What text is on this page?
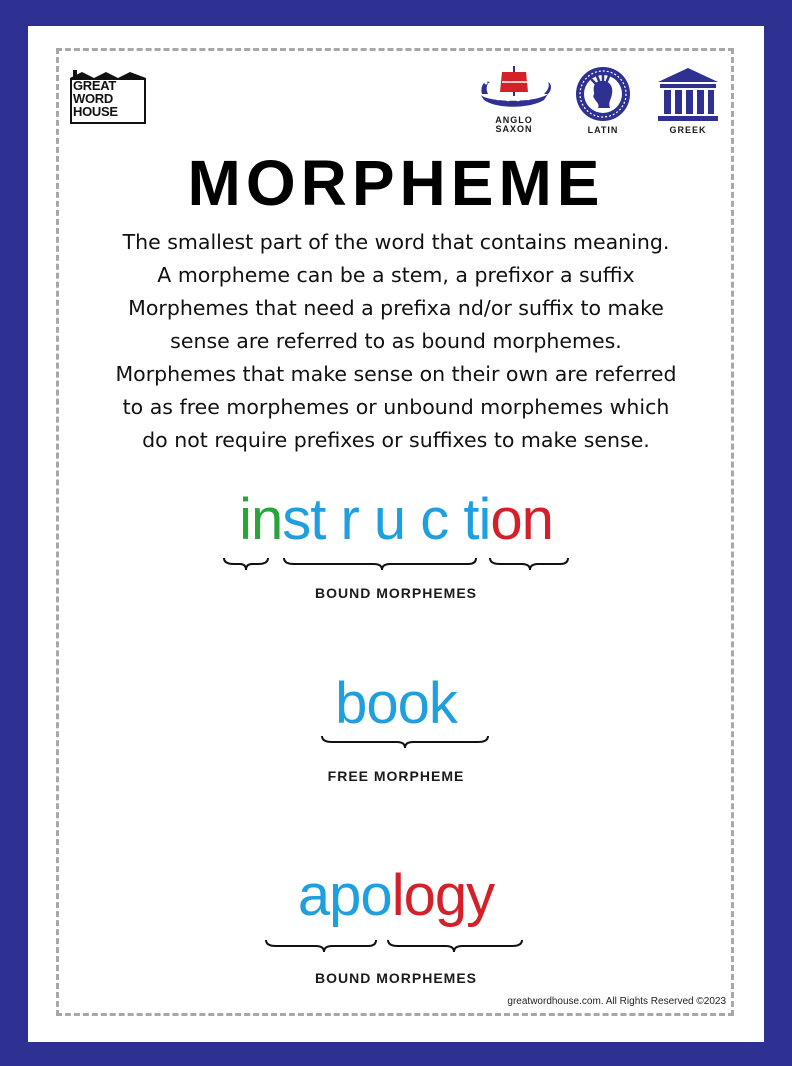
GREAT
WORD
HOUSE
ANGLO
SAXON	LATIN	GREEK
MORPHEME
The smallest part of the word that contains meaning.
A morpheme can be a stem, a prefixor a suffix
Morphemes that need a prefixa nd/or suffix to make
sense are referred to as bound morphemes.
Morphemes that make sense on their own are referred
to as free morphemes or unbound morphemes which
do not require prefixes or suffixes to make sense.
inst r u c tion
BOUND MORPHEMES
book
FREE MORPHEME
apology
BOUND MORPHEMES
greatwordhouse.com. All Rights Reserved ©2023
